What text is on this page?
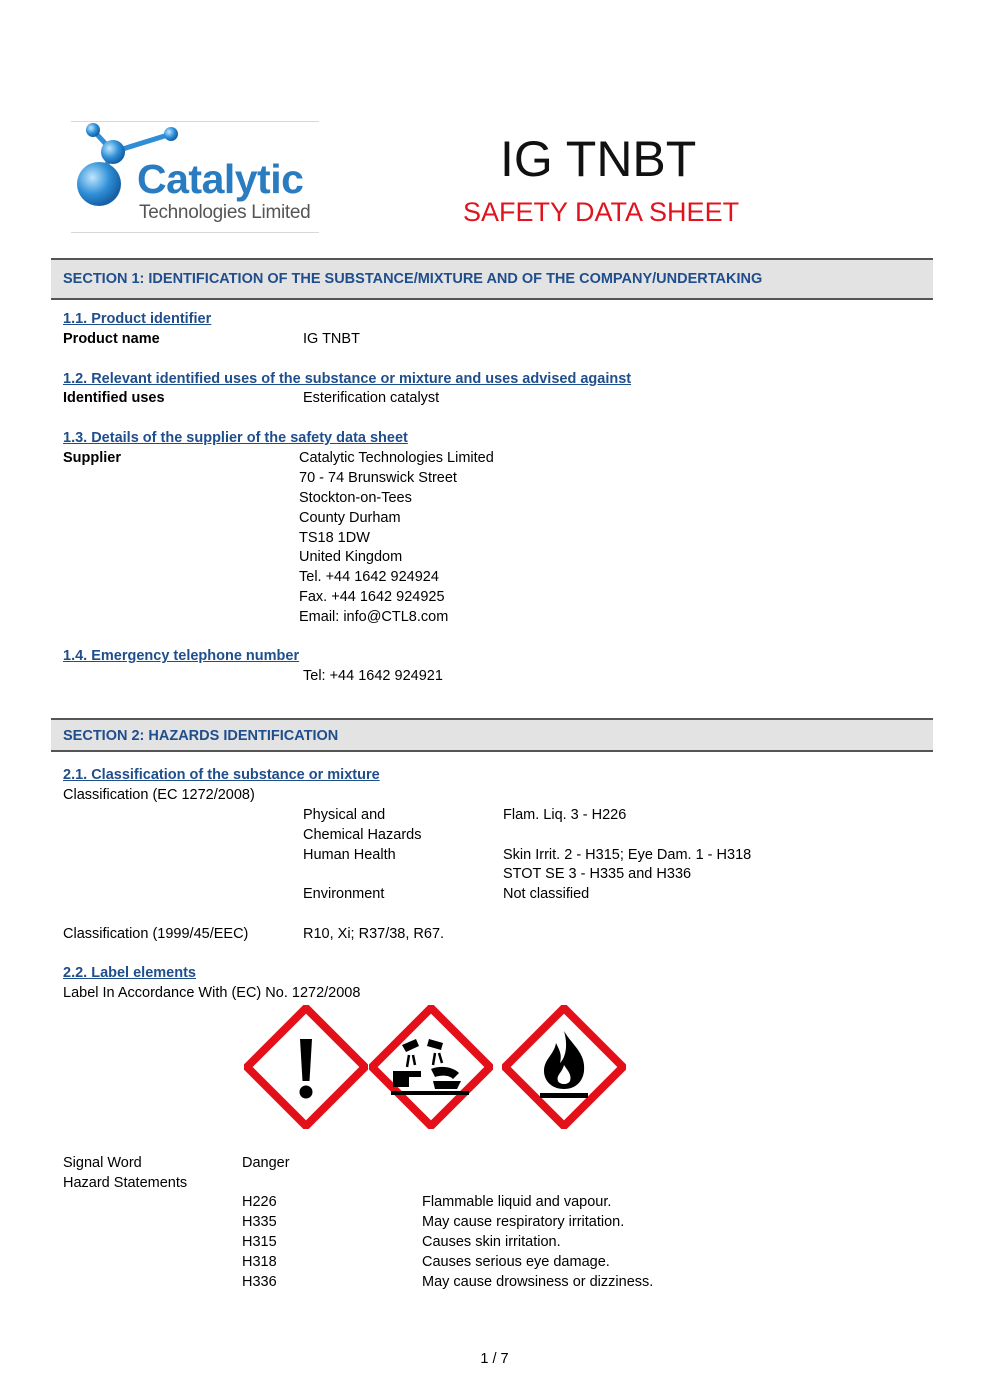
Catalytic
Technologies Limited
IG TNBT
SAFETY DATA SHEET
SECTION 1: IDENTIFICATION OF THE SUBSTANCE/MIXTURE AND OF THE COMPANY/UNDERTAKING
1.1. Product identifier
Product name	IG TNBT
1.2. Relevant identified uses of the substance or mixture and uses advised against
Identified uses	Esterification catalyst
1.3. Details of the supplier of the safety data sheet
Supplier	Catalytic Technologies Limited
70 - 74 Brunswick Street
Stockton-on-Tees
County Durham
TS18 1DW
United Kingdom
Tel. +44 1642 924924
Fax. +44 1642 924925
Email: info@CTL8.com
1.4. Emergency telephone number
Tel: +44 1642 924921
SECTION 2: HAZARDS IDENTIFICATION
2.1. Classification of the substance or mixture
Classification (EC 1272/2008)
Physical and	Flam. Liq. 3 - H226
Chemical Hazards
Human Health	Skin Irrit. 2 - H315; Eye Dam. 1 - H318
STOT SE 3 - H335 and H336
Environment	Not classified
Classification (1999/45/EEC)	R10, Xi; R37/38, R67.
2.2. Label elements
Label In Accordance With (EC) No. 1272/2008
Signal Word	Danger
Hazard Statements
H226	Flammable liquid and vapour.
H335	May cause respiratory irritation.
H315	Causes skin irritation.
H318	Causes serious eye damage.
H336	May cause drowsiness or dizziness.
1 / 7
